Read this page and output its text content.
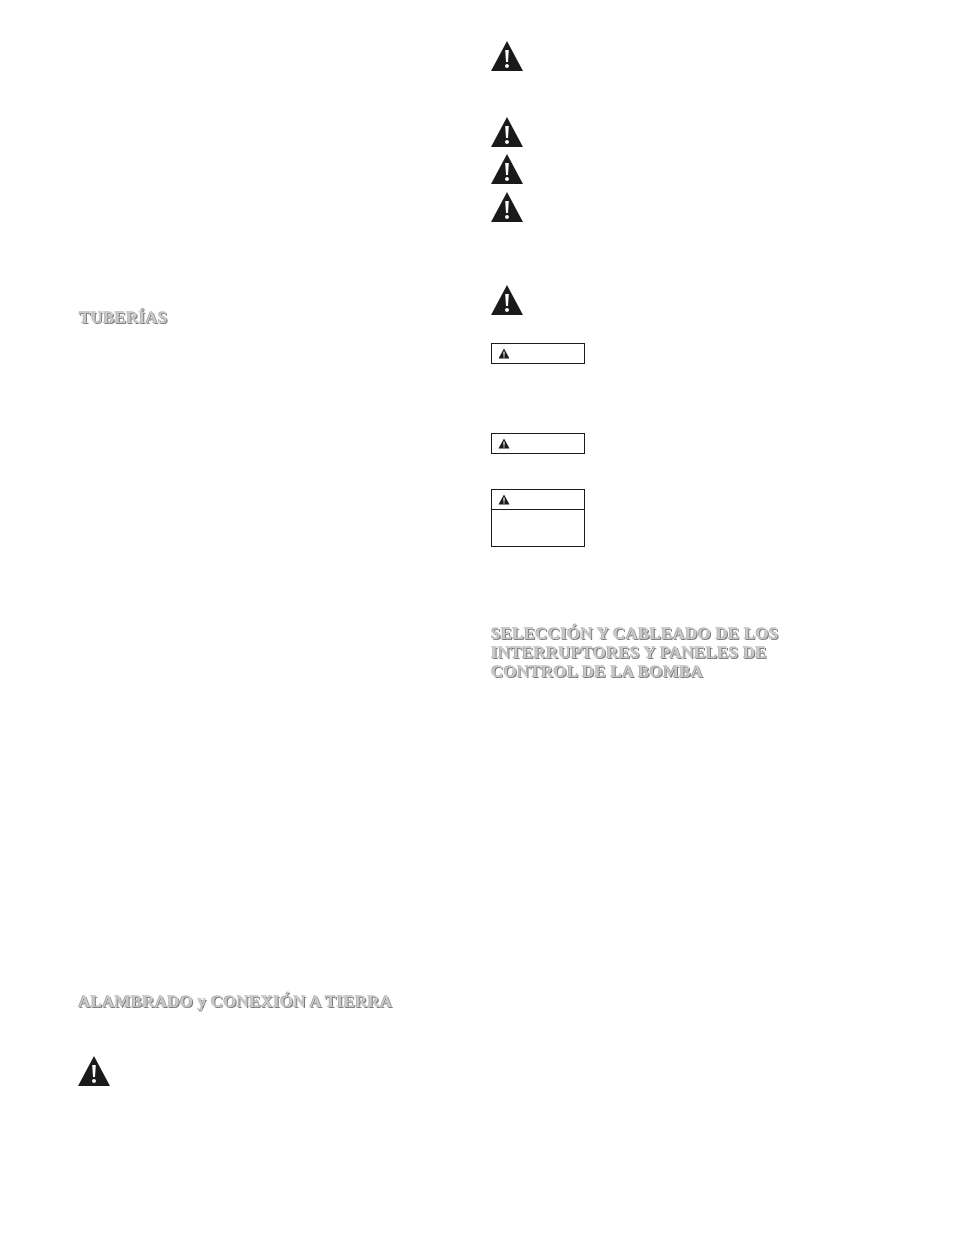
TUBERÍAS
ALAMBRADO y CONEXIÓN A TIERRA
SELECCIÓN Y CABLEADO DE LOS
INTERRUPTORES Y PANELES DE
CONTROL DE LA BOMBA
